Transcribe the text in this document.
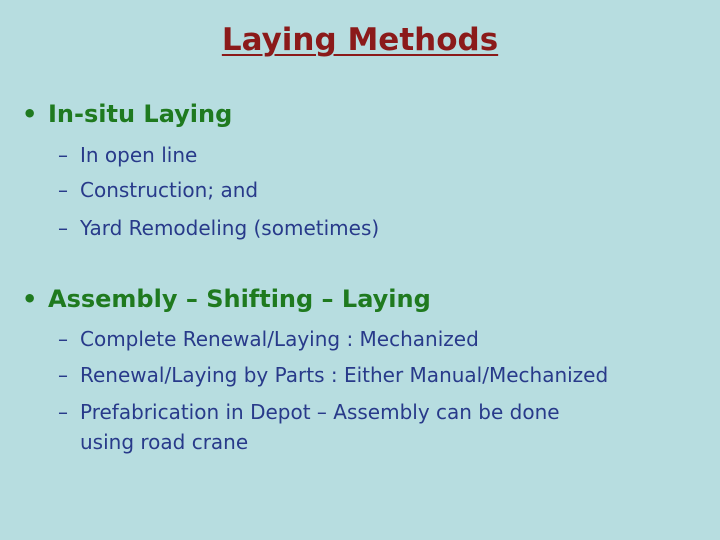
Laying Methods
• In-situ Laying
– In open line
– Construction; and
– Yard Remodeling (sometimes)
• Assembly – Shifting – Laying
– Complete Renewal/Laying : Mechanized
– Renewal/Laying by Parts : Either Manual/Mechanized
– Prefabrication in Depot – Assembly can be done
using road crane
